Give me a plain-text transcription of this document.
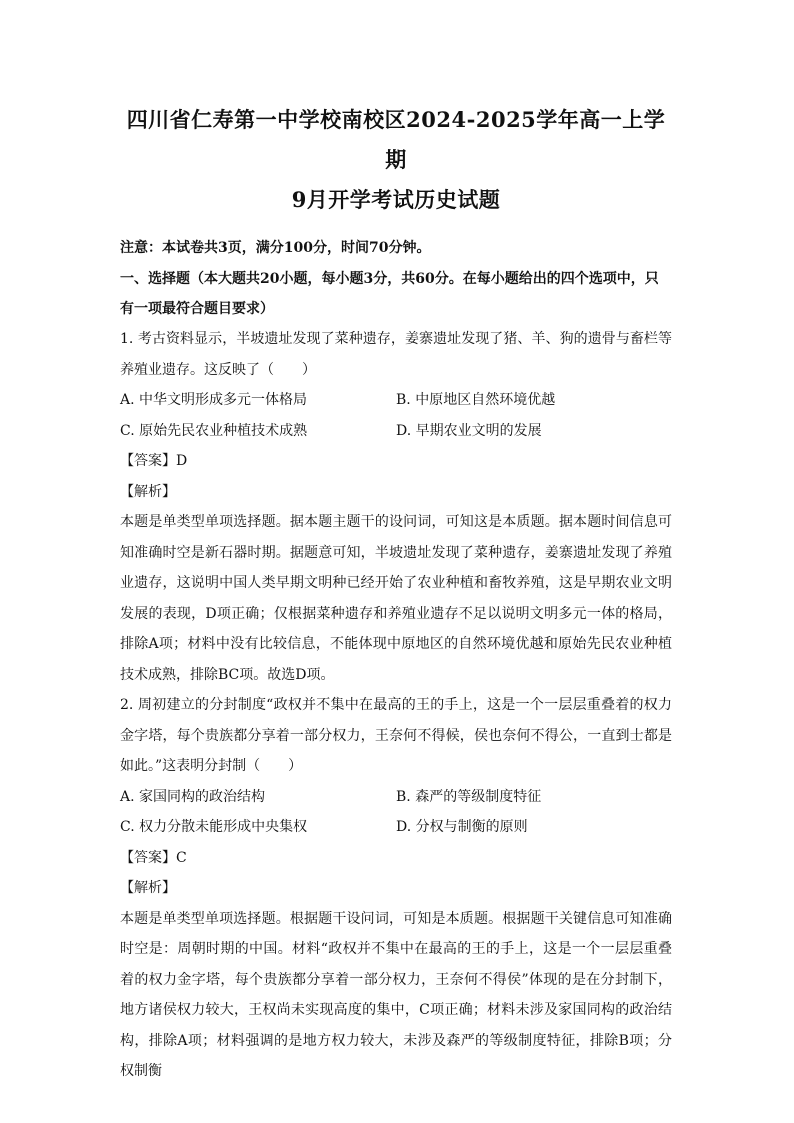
四川省仁寿第一中学校南校区2024-2025学年高一上学期
9月开学考试历史试题
注意：本试卷共3页，满分100分，时间70分钟。
一、选择题（本大题共20小题，每小题3分，共60分。在每小题给出的四个选项中，只有一项最符合题目要求）
1. 考古资料显示，半坡遗址发现了菜种遗存，姜寨遗址发现了猪、羊、狗的遗骨与畜栏等养殖业遗存。这反映了（　　）
A. 中华文明形成多元一体格局	B. 中原地区自然环境优越
C. 原始先民农业种植技术成熟	D. 早期农业文明的发展
【答案】D
【解析】
本题是单类型单项选择题。据本题主题干的设问词，可知这是本质题。据本题时间信息可知准确时空是新石器时期。据题意可知，半坡遗址发现了菜种遗存，姜寨遗址发现了养殖业遗存，这说明中国人类早期文明种已经开始了农业种植和畜牧养殖，这是早期农业文明发展的表现，D项正确；仅根据菜种遗存和养殖业遗存不足以说明文明多元一体的格局，排除A项；材料中没有比较信息，不能体现中原地区的自然环境优越和原始先民农业种植技术成熟，排除BC项。故选D项。
2. 周初建立的分封制度“政权并不集中在最高的王的手上，这是一个一层层重叠着的权力金字塔，每个贵族都分享着一部分权力，王奈何不得候，侯也奈何不得公，一直到士都是如此。”这表明分封制（　　）
A. 家国同构的政治结构	B. 森严的等级制度特征
C. 权力分散未能形成中央集权	D. 分权与制衡的原则
【答案】C
【解析】
本题是单类型单项选择题。根据题干设问词，可知是本质题。根据题干关键信息可知准确时空是：周朝时期的中国。材料“政权并不集中在最高的王的手上，这是一个一层层重叠着的权力金字塔，每个贵族都分享着一部分权力，王奈何不得侯”体现的是在分封制下，地方诸侯权力较大，王权尚未实现高度的集中，C项正确；材料未涉及家国同构的政治结构，排除A项；材料强调的是地方权力较大，未涉及森严的等级制度特征，排除B项；分权制衡
